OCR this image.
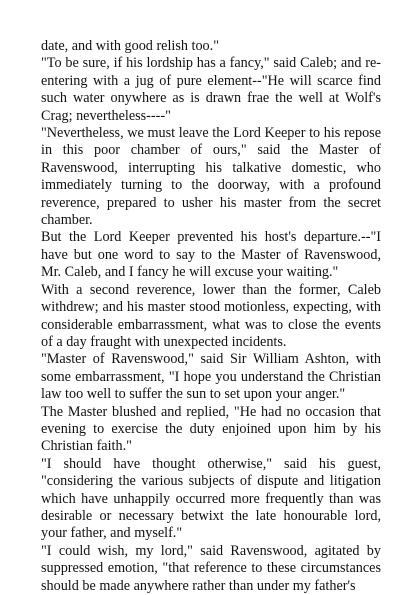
date, and with good relish too."

"To be sure, if his lordship has a fancy," said Caleb; and re-entering with a jug of pure element--"He will scarce find such water onywhere as is drawn frae the well at Wolf's Crag; nevertheless----"

"Nevertheless, we must leave the Lord Keeper to his repose in this poor chamber of ours," said the Master of Ravenswood, interrupting his talkative domestic, who immediately turning to the doorway, with a profound reverence, prepared to usher his master from the secret chamber.

But the Lord Keeper prevented his host's departure.--"I have but one word to say to the Master of Ravenswood, Mr. Caleb, and I fancy he will excuse your waiting."

With a second reverence, lower than the former, Caleb withdrew; and his master stood motionless, expecting, with considerable embarrassment, what was to close the events of a day fraught with unexpected incidents.

"Master of Ravenswood," said Sir William Ashton, with some embarrassment, "I hope you understand the Christian law too well to suffer the sun to set upon your anger."

The Master blushed and replied, "He had no occasion that evening to exercise the duty enjoined upon him by his Christian faith."

"I should have thought otherwise," said his guest, "considering the various subjects of dispute and litigation which have unhappily occurred more frequently than was desirable or necessary betwixt the late honourable lord, your father, and myself."

"I could wish, my lord," said Ravenswood, agitated by suppressed emotion, "that reference to these circumstances should be made anywhere rather than under my father's
